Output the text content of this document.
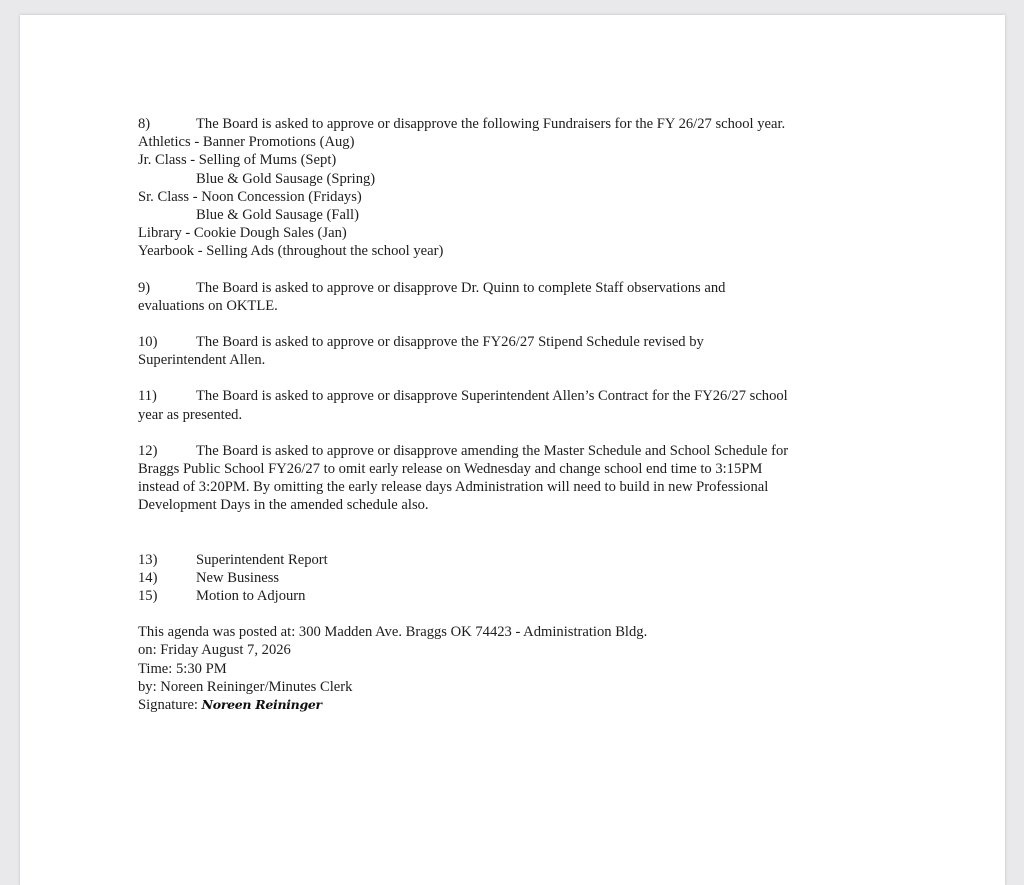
8)	The Board is asked to approve or disapprove the following Fundraisers for the FY 26/27 school year.
Athletics - Banner Promotions (Aug)
Jr. Class - Selling of Mums (Sept)
Blue & Gold Sausage (Spring)
Sr. Class - Noon Concession (Fridays)
Blue & Gold Sausage (Fall)
Library - Cookie Dough Sales (Jan)
Yearbook - Selling Ads (throughout the school year)
9)	The Board is asked to approve or disapprove Dr. Quinn to complete Staff observations and
evaluations on OKTLE.
10)	The Board is asked to approve or disapprove the FY26/27 Stipend Schedule revised by
Superintendent Allen.
11)	The Board is asked to approve or disapprove Superintendent Allen’s Contract for the FY26/27 school
year as presented.
12)	The Board is asked to approve or disapprove amending the Master Schedule and School Schedule for
Braggs Public School FY26/27 to omit early release on Wednesday and change school end time to 3:15PM
instead of 3:20PM. By omitting the early release days Administration will need to build in new Professional
Development Days in the amended schedule also.
13)	Superintendent Report
14)	New Business
15)	Motion to Adjourn
This agenda was posted at: 300 Madden Ave. Braggs OK 74423 - Administration Bldg.
on: Friday August 7, 2026
Time: 5:30 PM
by: Noreen Reininger/Minutes Clerk
Signature: Noreen Reininger
